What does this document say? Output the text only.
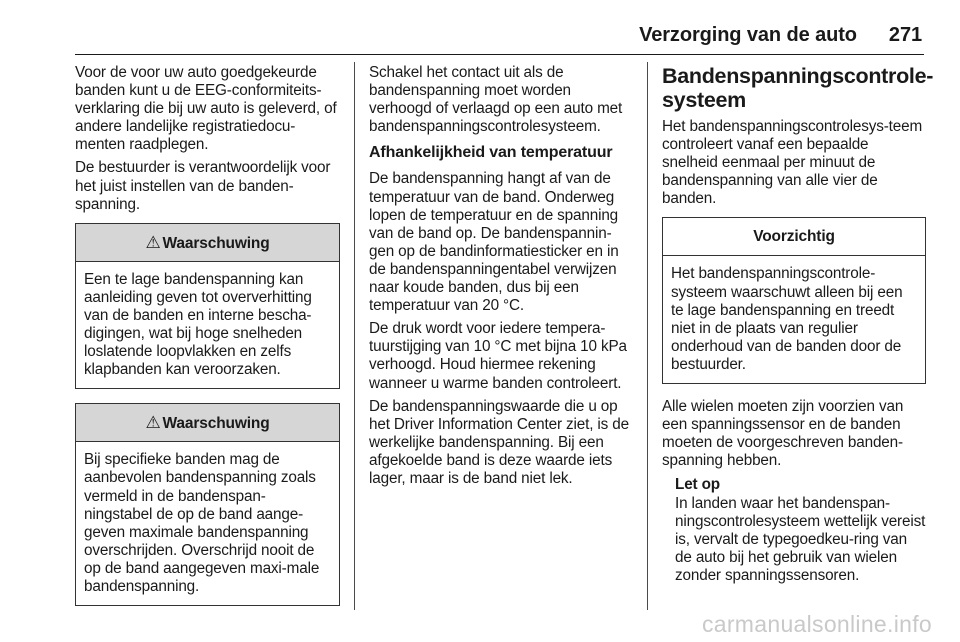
Verzorging van de auto 271

Voor de voor uw auto goedgekeurde banden kunt u de EEG-conformiteits-verklaring die bij uw auto is geleverd, of andere landelijke registratiedocu-menten raadplegen.

De bestuurder is verantwoordelijk voor het juist instellen van de banden-spanning.

⚠ Waarschuwing
Een te lage bandenspanning kan aanleiding geven tot oververhitting van de banden en interne bescha-digingen, wat bij hoge snelheden loslatende loopvlakken en zelfs klapbanden kan veroorzaken.
⚠ Waarschuwing
Bij specifieke banden mag de aanbevolen bandenspanning zoals vermeld in de bandenspan-ningstabel de op de band aange-geven maximale bandenspanning overschrijden. Overschrijd nooit de op de band aangegeven maxi-male bandenspanning.

Schakel het contact uit als de bandenspanning moet worden verhoogd of verlaagd op een auto met bandenspanningscontrolesysteem.

Afhankelijkheid van temperatuur

De bandenspanning hangt af van de temperatuur van de band. Onderweg lopen de temperatuur en de spanning van de band op. De bandenspannin-gen op de bandinformatiesticker en in de bandenspanningentabel verwijzen naar koude banden, dus bij een temperatuur van 20 °C.

De druk wordt voor iedere tempera-tuurstijging van 10 °C met bijna 10 kPa verhoogd. Houd hiermee rekening wanneer u warme banden controleert.

De bandenspanningswaarde die u op het Driver Information Center ziet, is de werkelijke bandenspanning. Bij een afgekoelde band is deze waarde iets lager, maar is de band niet lek.

Bandenspanningscontrole-systeem

Het bandenspanningscontrolesys-teem controleert vanaf een bepaalde snelheid eenmaal per minuut de bandenspanning van alle vier de banden.

Voorzichtig
Het bandenspanningscontrole-systeem waarschuwt alleen bij een te lage bandenspanning en treedt niet in de plaats van regulier onderhoud van de banden door de bestuurder.

Alle wielen moeten zijn voorzien van een spanningssensor en de banden moeten de voorgeschreven banden-spanning hebben.

Let op
In landen waar het bandenspan-ningscontrolesysteem wettelijk vereist is, vervalt de typegoedkeu-ring van de auto bij het gebruik van wielen zonder spanningssensoren.
carmanualsonline.info
